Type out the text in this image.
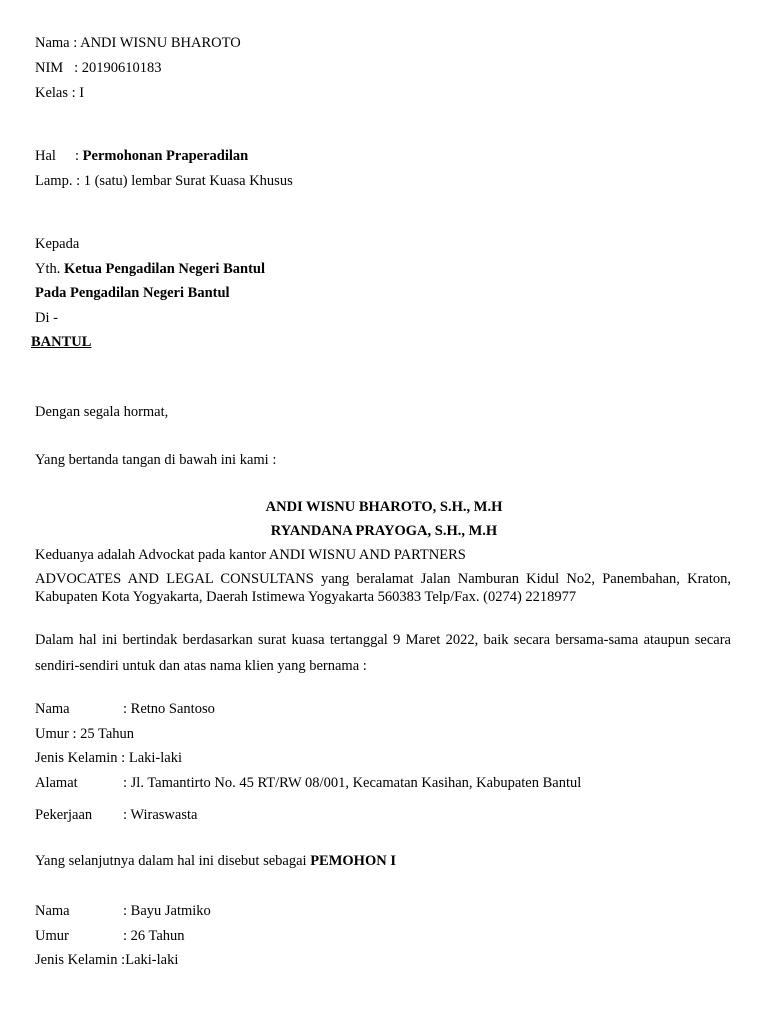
Nama : ANDI WISNU BHAROTO
NIM   : 20190610183
Kelas : I
Hal : Permohonan Praperadilan
Lamp. : 1 (satu) lembar Surat Kuasa Khusus
Kepada
Yth. Ketua Pengadilan Negeri Bantul
Pada Pengadilan Negeri Bantul
Di -
BANTUL
Dengan segala hormat,
Yang bertanda tangan di bawah ini kami :
ANDI WISNU BHAROTO, S.H., M.H
RYANDANA PRAYOGA, S.H., M.H
Keduanya adalah Advockat pada kantor ANDI WISNU AND PARTNERS
ADVOCATES AND LEGAL CONSULTANS yang beralamat Jalan Namburan Kidul No2, Panembahan, Kraton, Kabupaten Kota Yogyakarta, Daerah Istimewa Yogyakarta 560383 Telp/Fax. (0274) 2218977
Dalam hal ini bertindak berdasarkan surat kuasa tertanggal 9 Maret 2022, baik secara bersama-sama ataupun secara sendiri-sendiri untuk dan atas nama klien yang bernama :
Nama	: Retno Santoso
Umur : 25 Tahun
Jenis Kelamin : Laki-laki
Alamat	: Jl. Tamantirto No. 45 RT/RW 08/001, Kecamatan Kasihan, Kabupaten Bantul
Pekerjaan : Wiraswasta
Yang selanjutnya dalam hal ini disebut sebagai PEMOHON I
Nama	: Bayu Jatmiko
Umur	: 26 Tahun
Jenis Kelamin :Laki-laki
